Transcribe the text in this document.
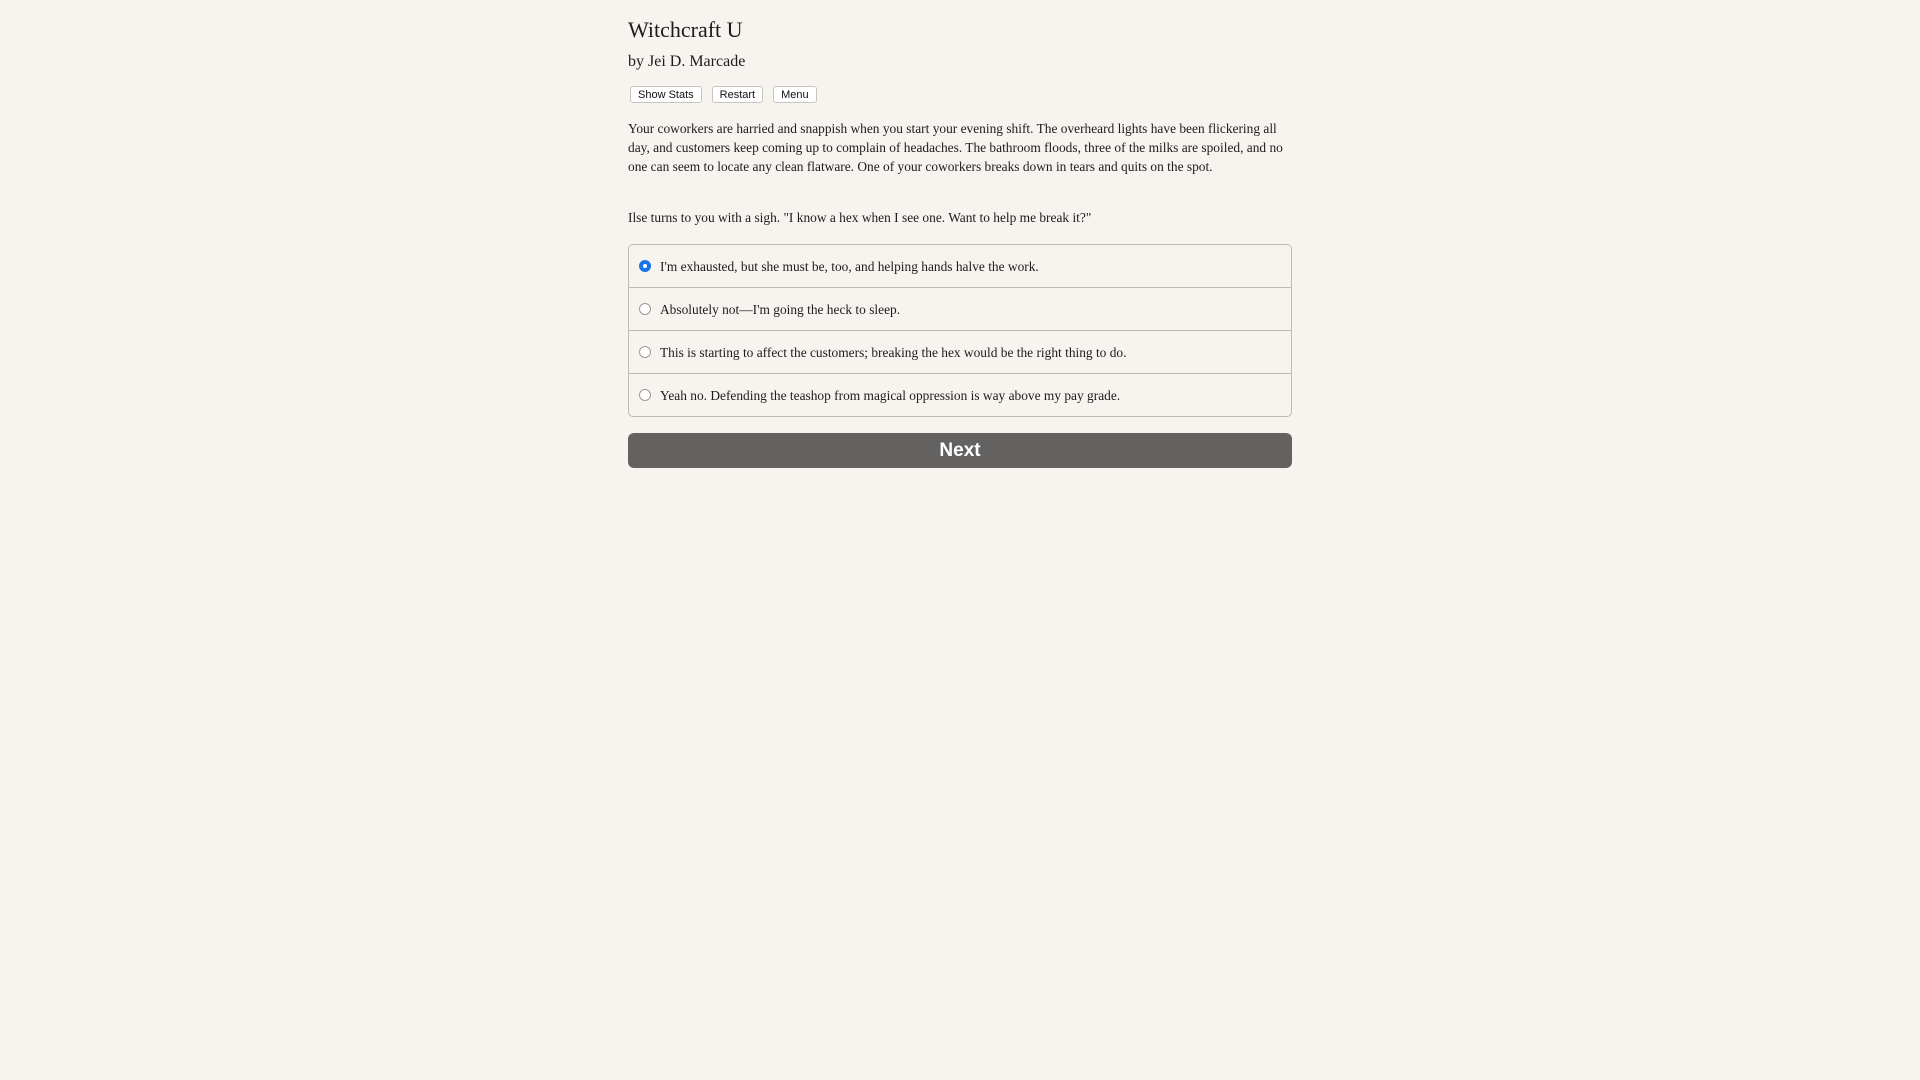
Witchcraft U
by Jei D. Marcade
Show Stats	Restart	Menu

Your coworkers are harried and snappish when you start your evening shift. The overheard lights have been flickering all day, and customers keep coming up to complain of headaches. The bathroom floods, three of the milks are spoiled, and no one can seem to locate any clean flatware. One of your coworkers breaks down in tears and quits on the spot.

Ilse turns to you with a sigh. "I know a hex when I see one. Want to help me break it?"

I'm exhausted, but she must be, too, and helping hands halve the work.
Absolutely not—I'm going the heck to sleep.
This is starting to affect the customers; breaking the hex would be the right thing to do.
Yeah no. Defending the teashop from magical oppression is way above my pay grade.
Next
